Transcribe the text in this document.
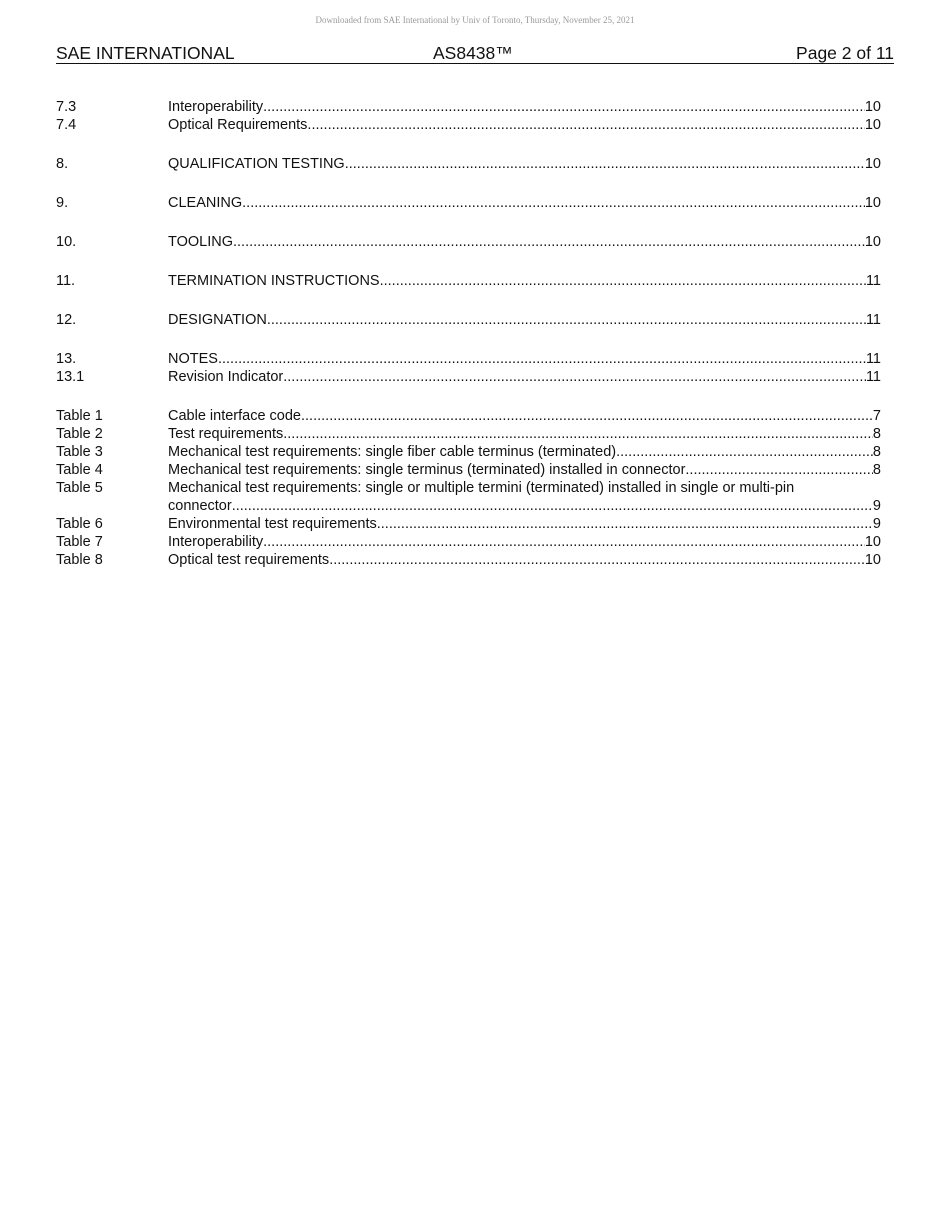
Downloaded from SAE International by Univ of Toronto, Thursday, November 25, 2021
SAE INTERNATIONAL	AS8438™	Page 2 of 11
7.3	Interoperability .....	10
7.4	Optical Requirements .....	10
8.	QUALIFICATION TESTING .....	10
9.	CLEANING .....	10
10.	TOOLING .....	10
11.	TERMINATION INSTRUCTIONS .....	11
12.	DESIGNATION .....	11
13.	NOTES .....	11
13.1	Revision Indicator .....	11
Table 1	Cable interface code .....	7
Table 2	Test requirements .....	8
Table 3	Mechanical test requirements: single fiber cable terminus (terminated) .....	8
Table 4	Mechanical test requirements: single terminus (terminated) installed in connector .....	8
Table 5	Mechanical test requirements: single or multiple termini (terminated) installed in single or multi-pin
connector .....	9
Table 6	Environmental test requirements .....	9
Table 7	Interoperability .....	10
Table 8	Optical test requirements .....	10
